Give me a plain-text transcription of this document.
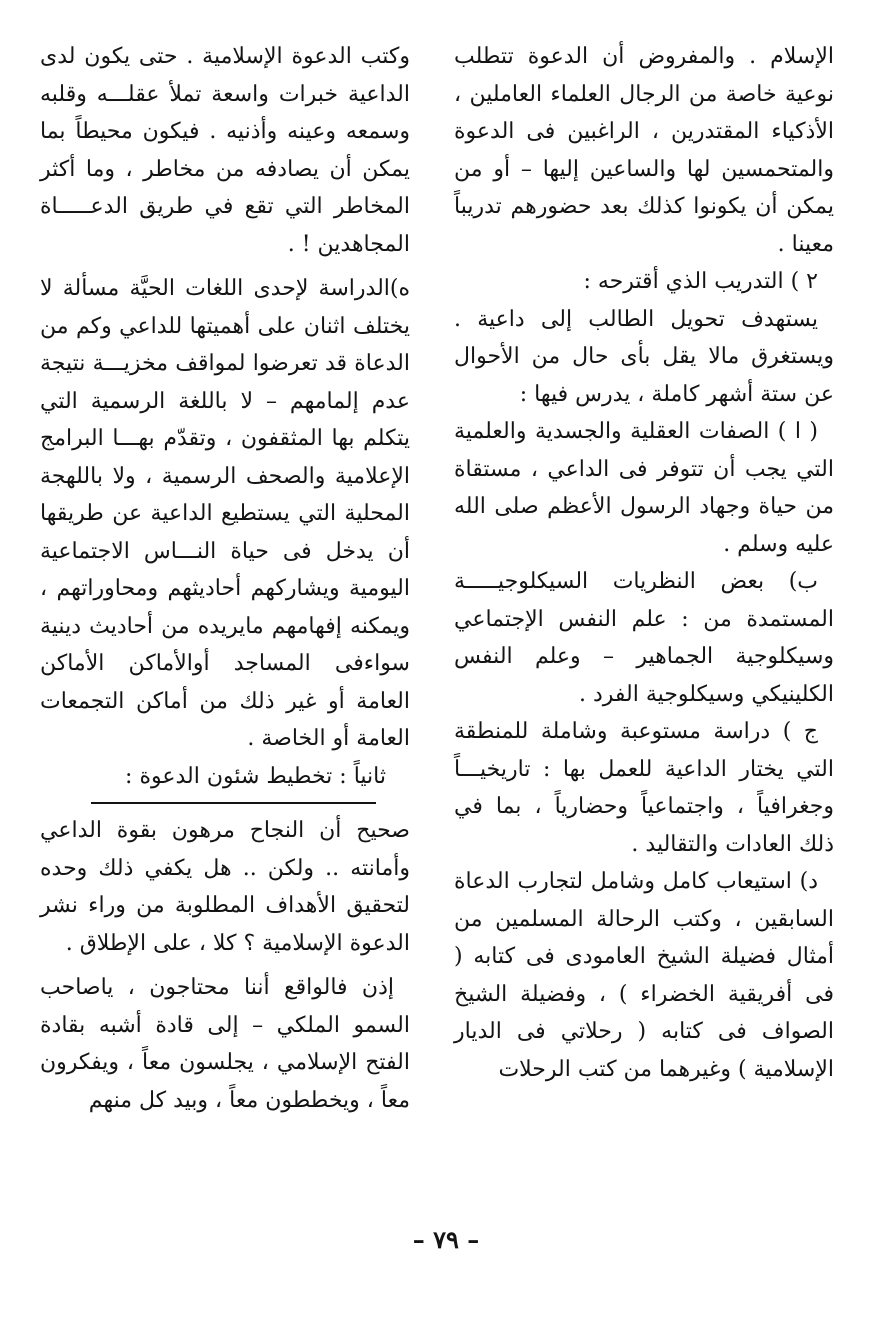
الإسلام . والمفروض أن الدعوة تتطلب نوعية خاصة من الرجال العلماء العاملين ، الأذكياء المقتدرين ، الراغبين فى الدعوة والمتحمسين لها والساعين إليها – أو من يمكن أن يكونوا كذلك بعد حضورهم تدريباً معينا .

٢ ) التدريب الذي أقترحه :

يستهدف تحويل الطالب إلى داعية . ويستغرق مالا يقل بأى حال من الأحوال عن ستة أشهر كاملة ، يدرس فيها :

( ا ) الصفات العقلية والجسدية والعلمية التي يجب أن تتوفر فى الداعي ، مستقاة من حياة وجهاد الرسول الأعظم صلى الله عليه وسلم .

ب) بعض النظريات السيكلوجيـــــة المستمدة من : علم النفس الإجتماعي وسيكلوجية الجماهير – وعلم النفس الكلينيكي وسيكلوجية الفرد .

ج ) دراسة مستوعبة وشاملة للمنطقة التي يختار الداعية للعمل بها : تاريخيـــاً وجغرافياً ، واجتماعياً وحضارياً ، بما في ذلك العادات والتقاليد .

د) استيعاب كامل وشامل لتجارب الدعاة السابقين ، وكتب الرحالة المسلمين من أمثال فضيلة الشيخ العامودى فى كتابه ( فى أفريقية الخضراء ) ، وفضيلة الشيخ الصواف فى كتابه ( رحلاتي فى الديار الإسلامية ) وغيرهما من كتب الرحلات

وكتب الدعوة الإسلامية . حتى يكون لدى الداعية خبرات واسعة تملأ عقلـــه وقلبه وسمعه وعينه وأذنيه . فيكون محيطاً بما يمكن أن يصادفه من مخاطر ، وما أكثر المخاطر التي تقع في طريق الدعـــــاة المجاهدين ! .

ه)الدراسة لإحدى اللغات الحيَّة مسألة لا يختلف اثنان على أهميتها للداعي وكم من الدعاة قد تعرضوا لمواقف مخزيـــة نتيجة عدم إلمامهم – لا باللغة الرسمية التي يتكلم بها المثقفون ، وتقدّم بهـــا البرامج الإعلامية والصحف الرسمية ، ولا باللهجة المحلية التي يستطيع الداعية عن طريقها أن يدخل فى حياة النـــاس الاجتماعية اليومية ويشاركهم أحاديثهم ومحاوراتهم ، ويمكنه إفهامهم مايريده من أحاديث دينية سواءفى المساجد أوالأماكن الأماكن العامة أو غير ذلك من أماكن التجمعات العامة أو الخاصة .

ثانياً : تخطيط شئون الدعوة :

صحيح أن النجاح مرهون بقوة الداعي وأمانته .. ولكن .. هل يكفي ذلك وحده لتحقيق الأهداف المطلوبة من وراء نشر الدعوة الإسلامية ؟ كلا ، على الإطلاق .

إذن فالواقع أننا محتاجون ، ياصاحب السمو الملكي – إلى قادة أشبه بقادة الفتح الإسلامي ، يجلسون معاً ، ويفكرون معاً ، ويخططون معاً ، وبيد كل منهم

– ٧٩ –
